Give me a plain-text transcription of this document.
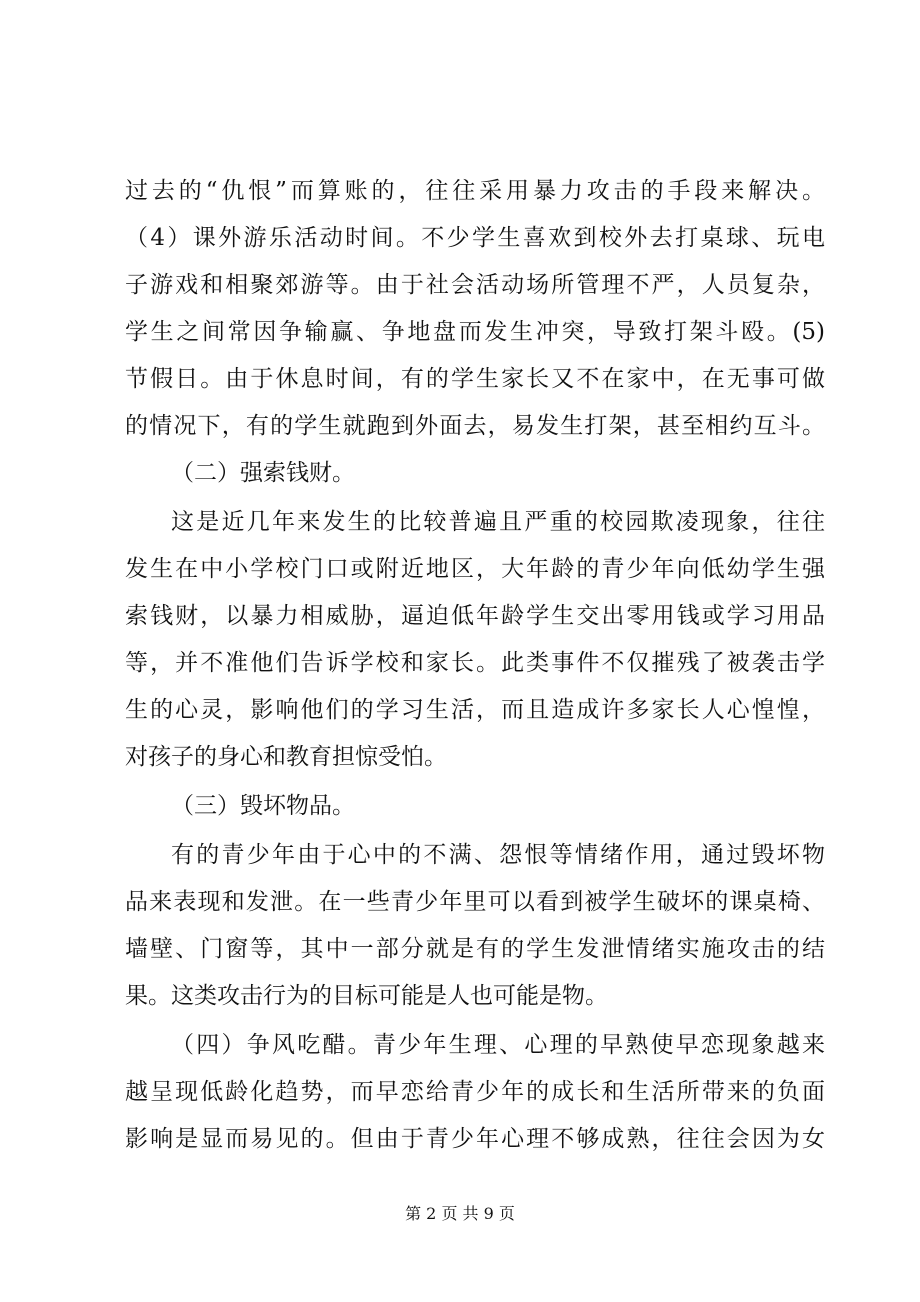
过去的“仇恨”而算账的，往往采用暴力攻击的手段来解决。
（4）课外游乐活动时间。不少学生喜欢到校外去打桌球、玩电
子游戏和相聚郊游等。由于社会活动场所管理不严，人员复杂，
学生之间常因争输赢、争地盘而发生冲突，导致打架斗殴。(5)
节假日。由于休息时间，有的学生家长又不在家中，在无事可做
的情况下，有的学生就跑到外面去，易发生打架，甚至相约互斗。
（二）强索钱财。
这是近几年来发生的比较普遍且严重的校园欺凌现象，往往
发生在中小学校门口或附近地区，大年龄的青少年向低幼学生强
索钱财，以暴力相威胁，逼迫低年龄学生交出零用钱或学习用品
等，并不准他们告诉学校和家长。此类事件不仅摧残了被袭击学
生的心灵，影响他们的学习生活，而且造成许多家长人心惶惶，
对孩子的身心和教育担惊受怕。
（三）毁坏物品。
有的青少年由于心中的不满、怨恨等情绪作用，通过毁坏物
品来表现和发泄。在一些青少年里可以看到被学生破坏的课桌椅、
墙壁、门窗等，其中一部分就是有的学生发泄情绪实施攻击的结
果。这类攻击行为的目标可能是人也可能是物。
（四）争风吃醋。青少年生理、心理的早熟使早恋现象越来
越呈现低龄化趋势，而早恋给青少年的成长和生活所带来的负面
影响是显而易见的。但由于青少年心理不够成熟，往往会因为女
第 2 页 共 9 页
